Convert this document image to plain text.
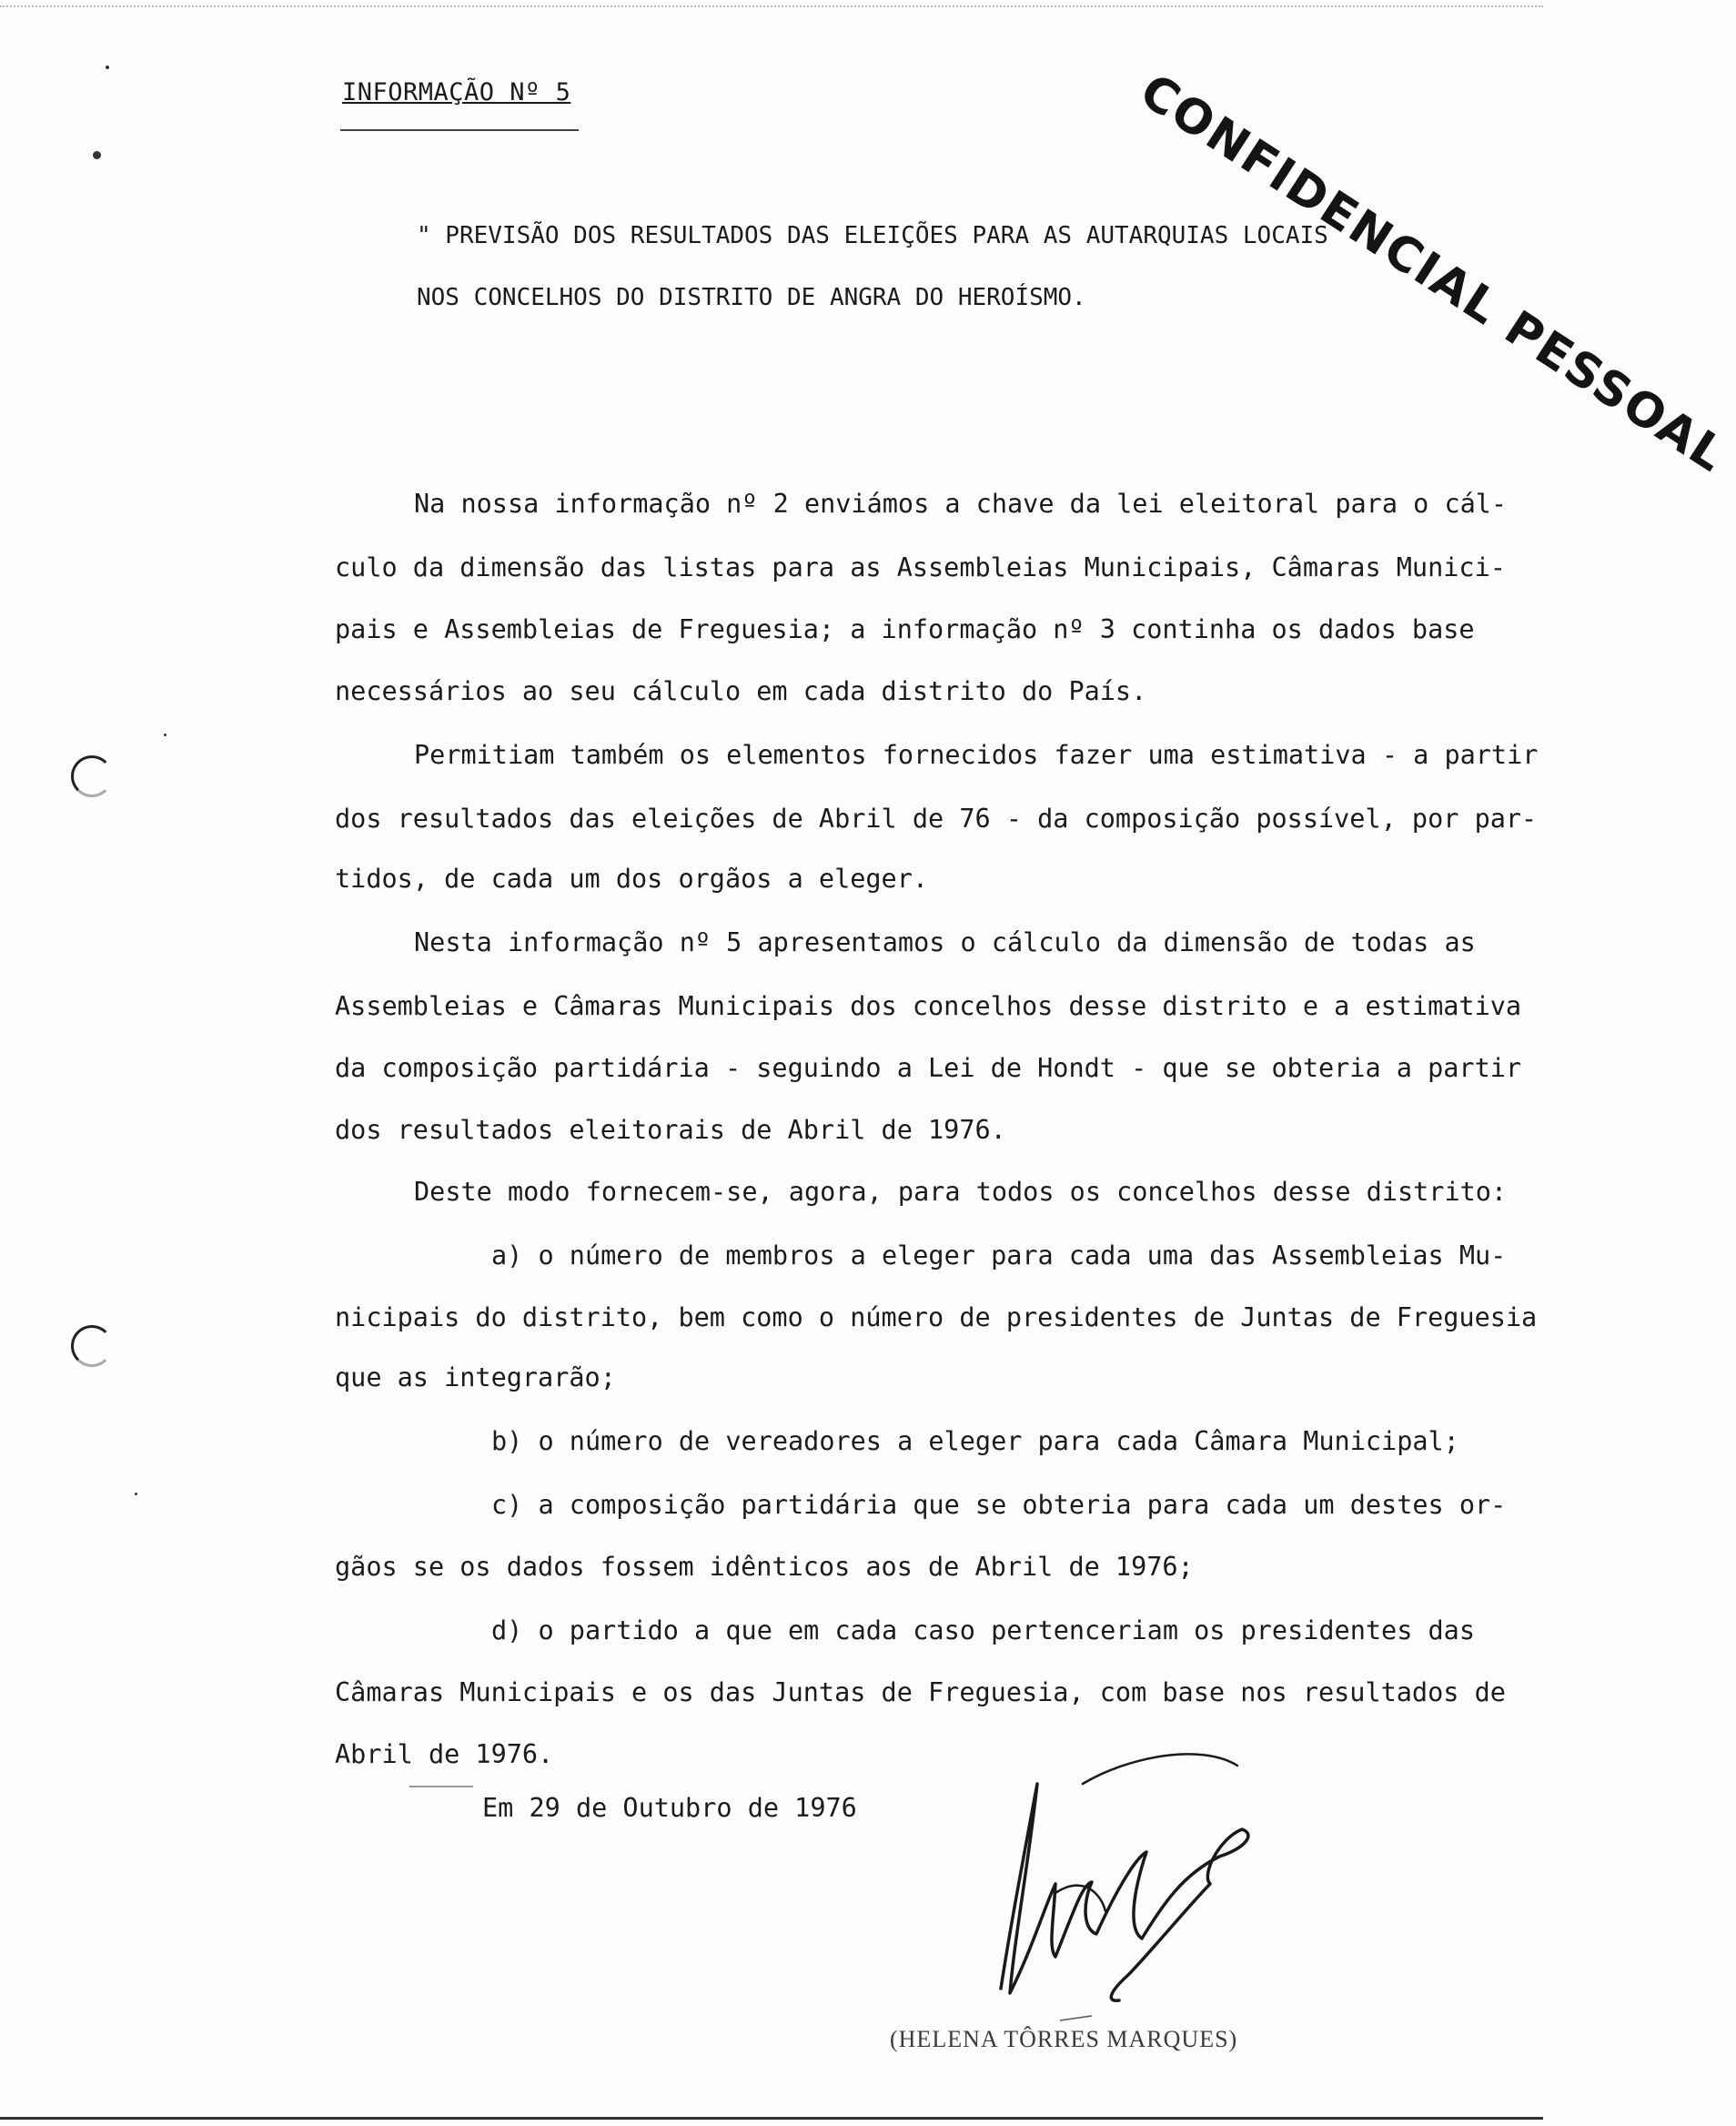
INFORMAÇÃO Nº 5	CONFIDENCIAL PESSOAL
" PREVISÃO DOS RESULTADOS DAS ELEIÇÕES PARA AS AUTARQUIAS LOCAIS
NOS CONCELHOS DO DISTRITO DE ANGRA DO HEROÍSMO.
Na nossa informação nº 2 enviámos a chave da lei eleitoral para o cál-
culo da dimensão das listas para as Assembleias Municipais, Câmaras Munici-
pais e Assembleias de Freguesia; a informação nº 3 continha os dados base
necessários ao seu cálculo em cada distrito do País.
Permitiam também os elementos fornecidos fazer uma estimativa - a partir
dos resultados das eleições de Abril de 76 - da composição possível, por par-
tidos, de cada um dos orgãos a eleger.
Nesta informação nº 5 apresentamos o cálculo da dimensão de todas as
Assembleias e Câmaras Municipais dos concelhos desse distrito e a estimativa
da composição partidária - seguindo a Lei de Hondt - que se obteria a partir
dos resultados eleitorais de Abril de 1976.
Deste modo fornecem-se, agora, para todos os concelhos desse distrito:
a) o número de membros a eleger para cada uma das Assembleias Mu-
nicipais do distrito, bem como o número de presidentes de Juntas de Freguesia
que as integrarão;
b) o número de vereadores a eleger para cada Câmara Municipal;
c) a composição partidária que se obteria para cada um destes or-
gãos se os dados fossem idênticos aos de Abril de 1976;
d) o partido a que em cada caso pertenceriam os presidentes das
Câmaras Municipais e os das Juntas de Freguesia, com base nos resultados de
Abril de 1976.
Em 29 de Outubro de 1976
(HELENA TÔRRES MARQUES)
